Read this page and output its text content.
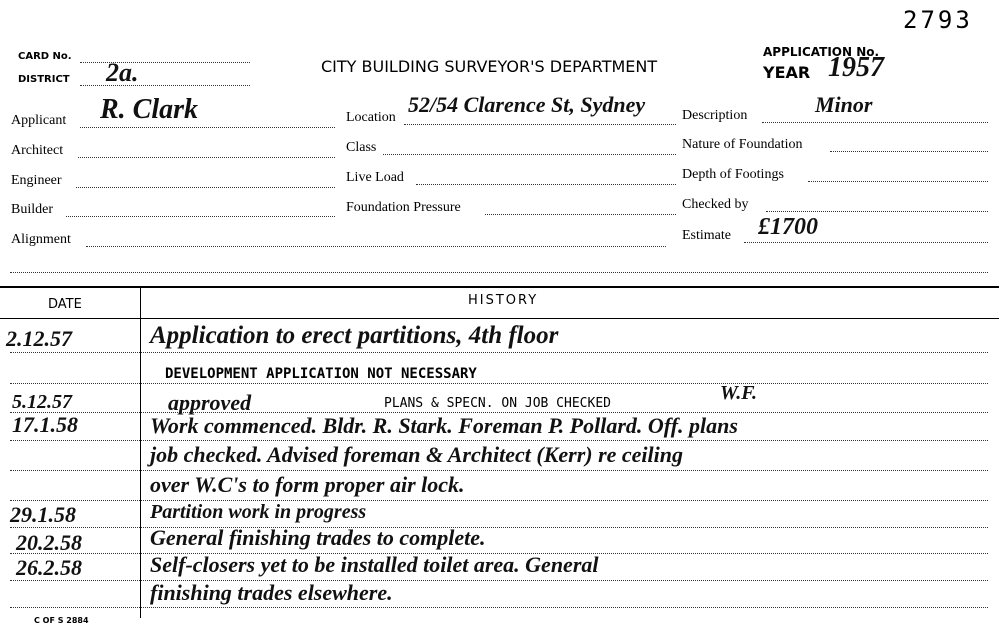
2793
CARD No.
DISTRICT 2a.	CITY BUILDING SURVEYOR'S DEPARTMENT
APPLICATION No.
YEAR 1957
Applicant R. Clark
Architect
Engineer
Builder
Alignment
Location
52/54 Clarence St, Sydney
Class
Live Load
Foundation Pressure
Description	Minor
Nature of Foundation
Depth of Footings
Checked by
Estimate £1700
DATE	HISTORY
2.12.57	Application to erect partitions, 4th floor
DEVELOPMENT APPLICATION NOT NECESSARY
5.12.57	approved	PLANS & SPECN. ON JOB CHECKED	W.F.
17.1.58	Work commenced. Bldr. R. Stark. Foreman P. Pollard. Off. plans
job checked. Advised foreman & Architect (Kerr) re ceiling
over W.C's to form proper air lock.
29.1.58	Partition work in progress
20.2.58	General finishing trades to complete.
26.2.58	Self-closers yet to be installed toilet area. General
finishing trades elsewhere.
C OF S 2884
